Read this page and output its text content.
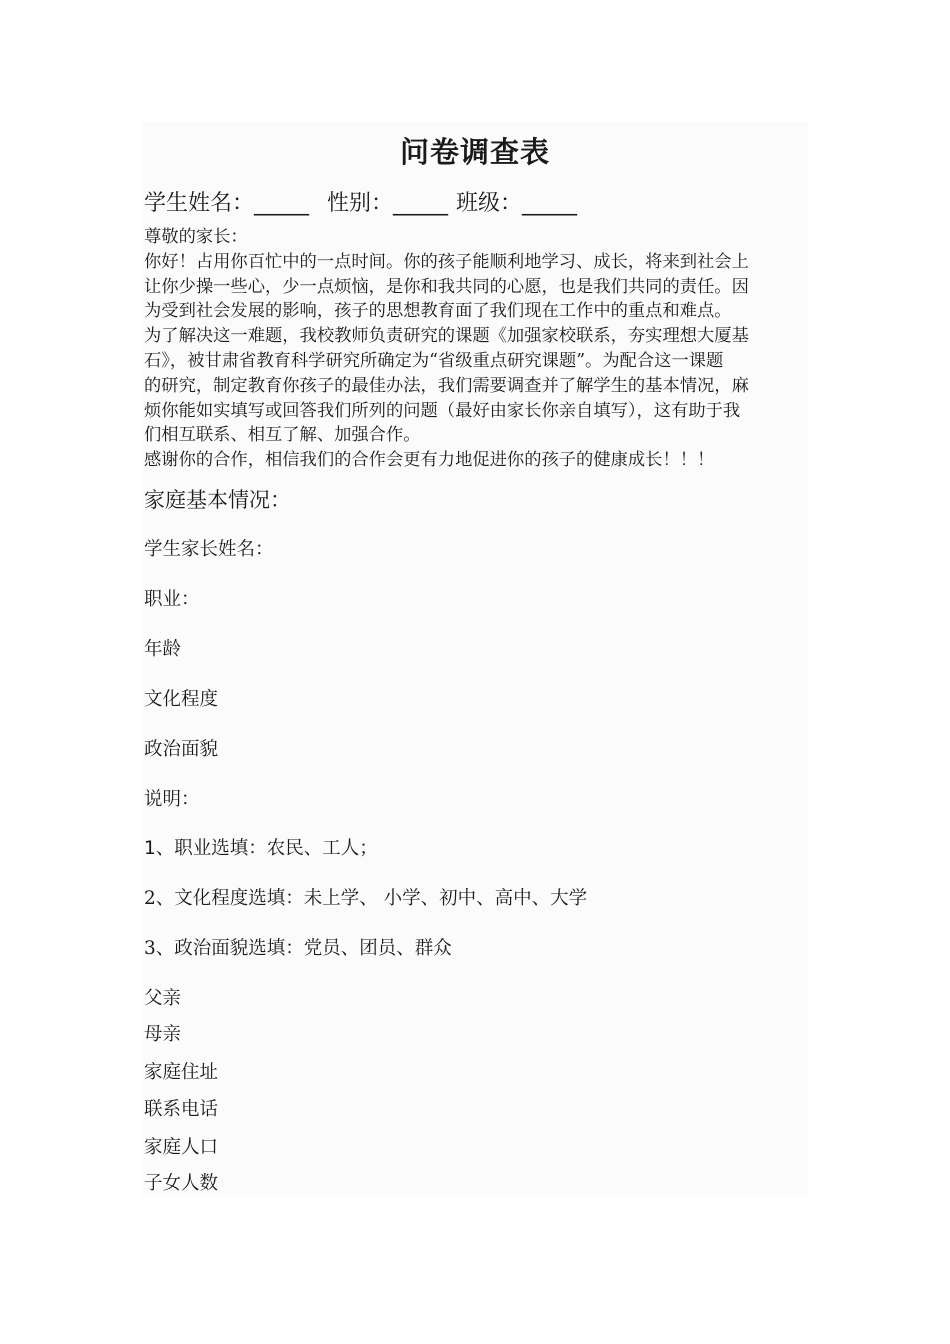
问卷调查表
学生姓名：_____ 性别：_____ 班级：_____
尊敬的家长：
你好！占用你百忙中的一点时间。你的孩子能顺利地学习、成长，将来到社会上
让你少操一些心，少一点烦恼，是你和我共同的心愿，也是我们共同的责任。因
为受到社会发展的影响，孩子的思想教育面了我们现在工作中的重点和难点。
为了解决这一难题，我校教师负责研究的课题《加强家校联系，夯实理想大厦基
石》，被甘肃省教育科学研究所确定为“省级重点研究课题”。为配合这一课题
的研究，制定教育你孩子的最佳办法，我们需要调查并了解学生的基本情况，麻
烦你能如实填写或回答我们所列的问题（最好由家长你亲自填写），这有助于我
们相互联系、相互了解、加强合作。
感谢你的合作，相信我们的合作会更有力地促进你的孩子的健康成长！！！
家庭基本情况：
学生家长姓名：
职业：
年龄
文化程度
政治面貌
说明：
1、职业选填：农民、工人；
2、文化程度选填：未上学、 小学、初中、高中、大学
3、政治面貌选填：党员、团员、群众
父亲
母亲
家庭住址
联系电话
家庭人口
子女人数
